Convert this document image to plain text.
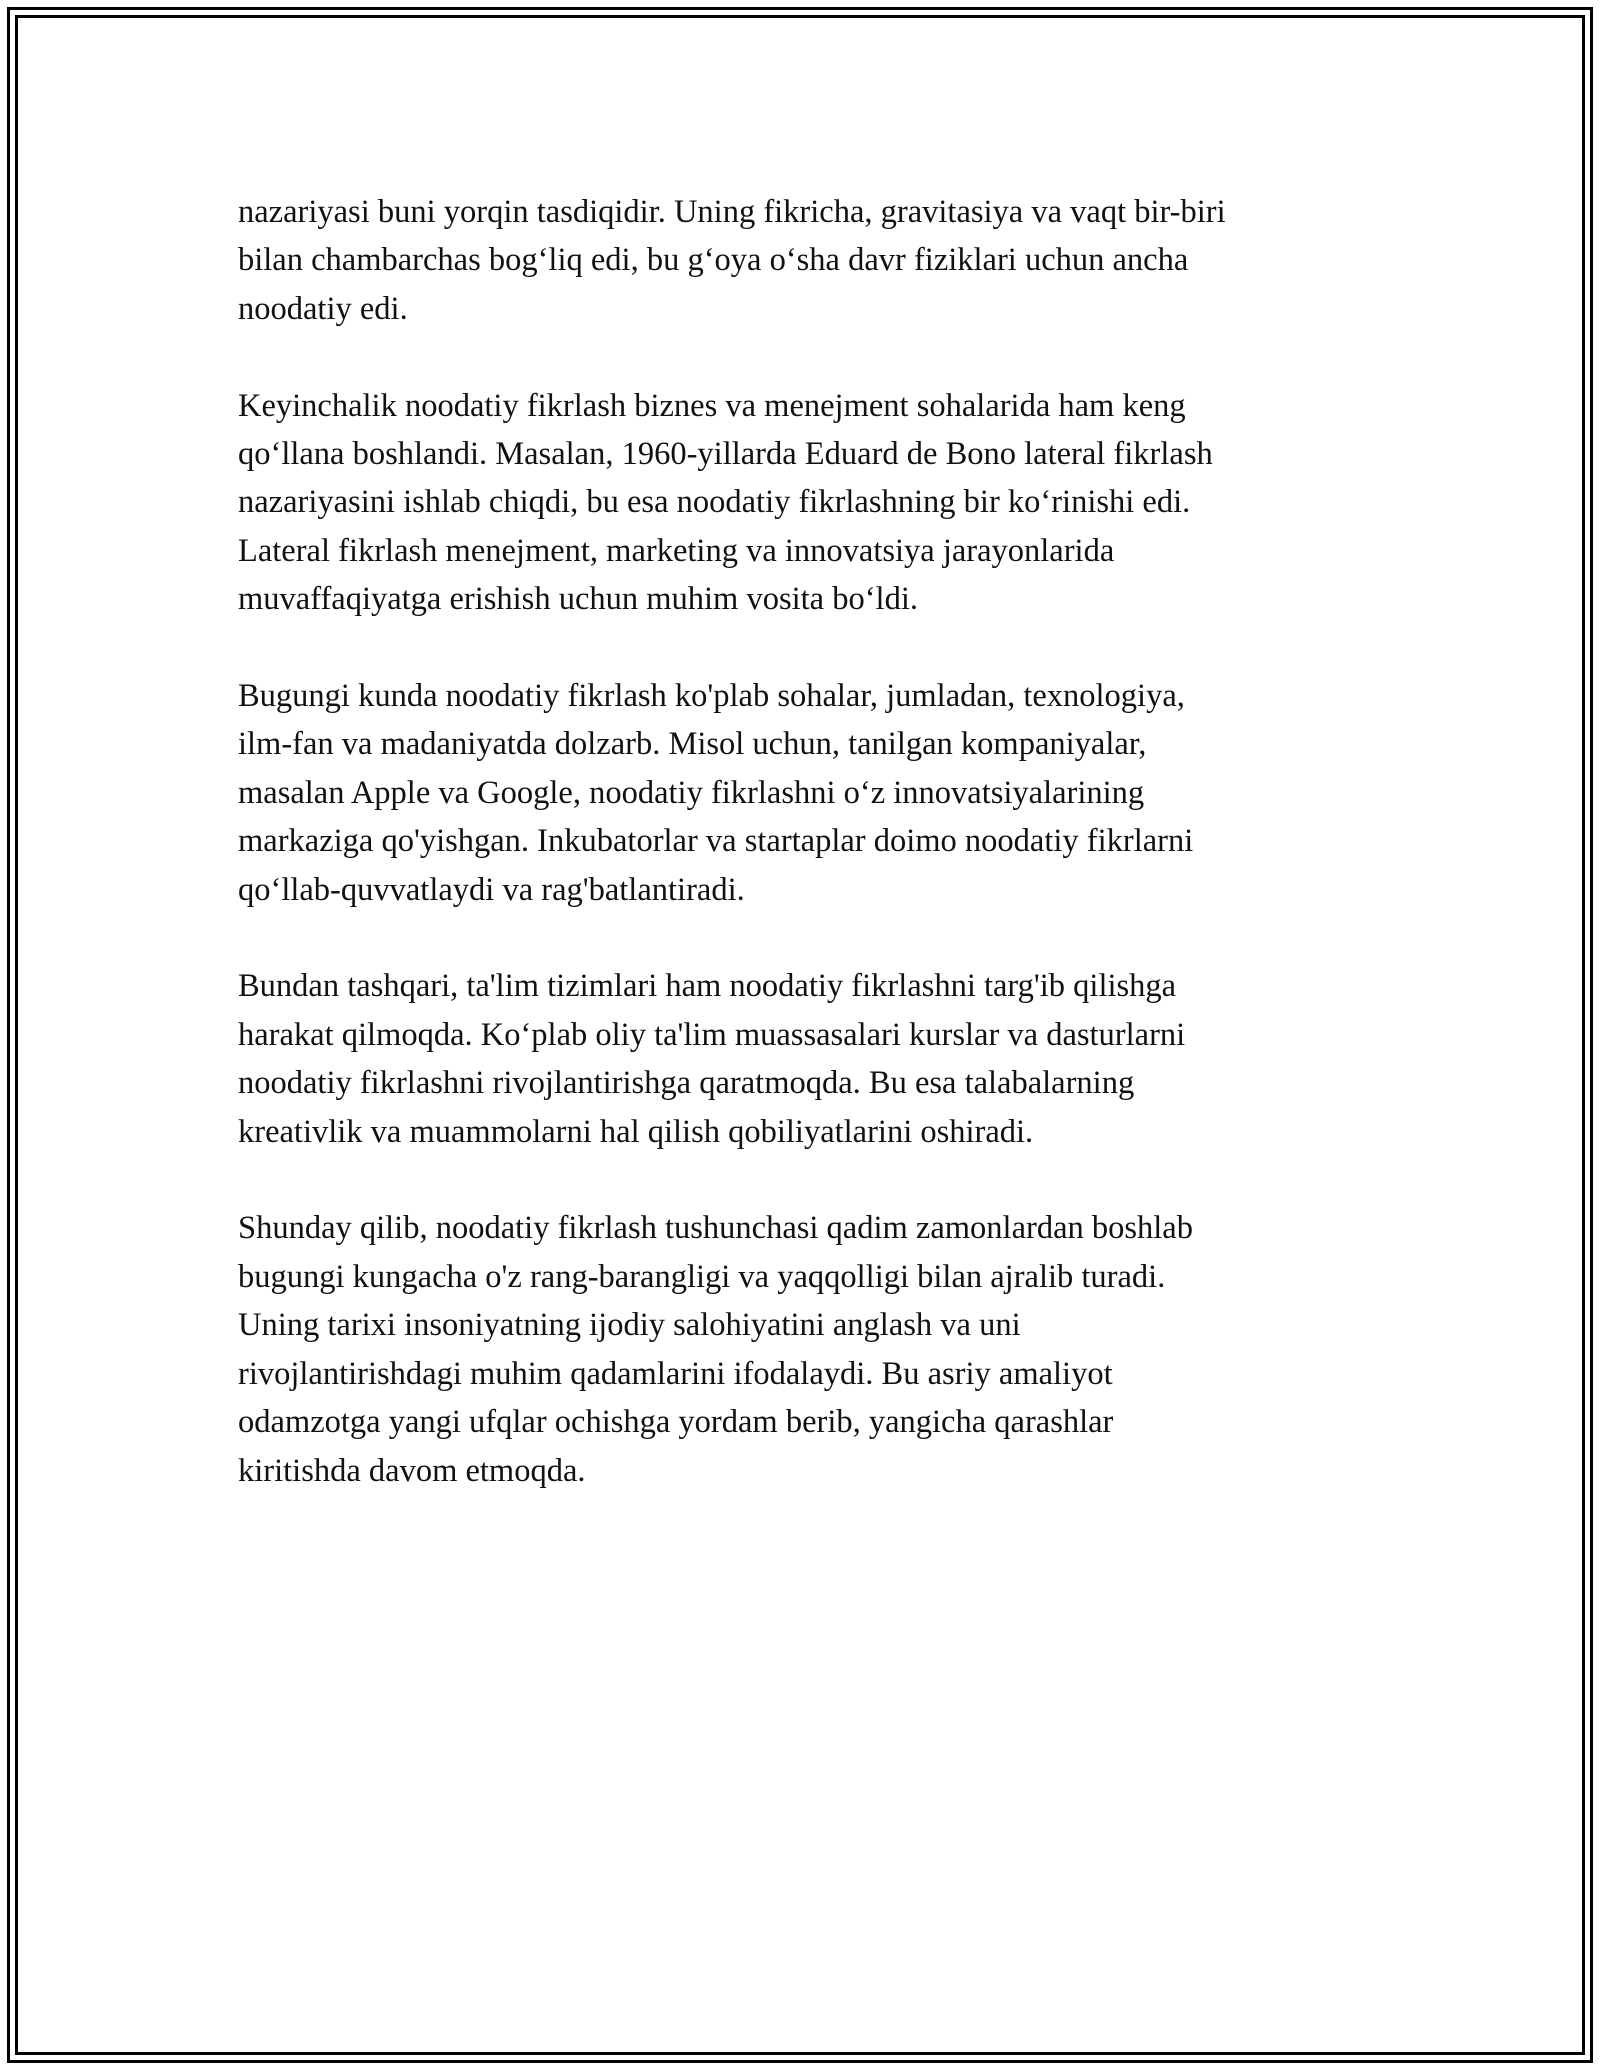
nazariyasi buni yorqin tasdiqidir. Uning fikricha, gravitasiya va vaqt bir-biri
bilan chambarchas bog‘liq edi, bu g‘oya o‘sha davr fiziklari uchun ancha
noodatiy edi.

Keyinchalik noodatiy fikrlash biznes va menejment sohalarida ham keng
qo‘llana boshlandi. Masalan, 1960-yillarda Eduard de Bono lateral fikrlash
nazariyasini ishlab chiqdi, bu esa noodatiy fikrlashning bir ko‘rinishi edi.
Lateral fikrlash menejment, marketing va innovatsiya jarayonlarida
muvaffaqiyatga erishish uchun muhim vosita bo‘ldi.

Bugungi kunda noodatiy fikrlash ko'plab sohalar, jumladan, texnologiya,
ilm-fan va madaniyatda dolzarb. Misol uchun, tanilgan kompaniyalar,
masalan Apple va Google, noodatiy fikrlashni o‘z innovatsiyalarining
markaziga qo'yishgan. Inkubatorlar va startaplar doimo noodatiy fikrlarni
qo‘llab-quvvatlaydi va rag'batlantiradi.

Bundan tashqari, ta'lim tizimlari ham noodatiy fikrlashni targ'ib qilishga
harakat qilmoqda. Ko‘plab oliy ta'lim muassasalari kurslar va dasturlarni
noodatiy fikrlashni rivojlantirishga qaratmoqda. Bu esa talabalarning
kreativlik va muammolarni hal qilish qobiliyatlarini oshiradi.

Shunday qilib, noodatiy fikrlash tushunchasi qadim zamonlardan boshlab
bugungi kungacha o'z rang-barangligi va yaqqolligi bilan ajralib turadi.
Uning tarixi insoniyatning ijodiy salohiyatini anglash va uni
rivojlantirishdagi muhim qadamlarini ifodalaydi. Bu asriy amaliyot
odamzotga yangi ufqlar ochishga yordam berib, yangicha qarashlar
kiritishda davom etmoqda.
